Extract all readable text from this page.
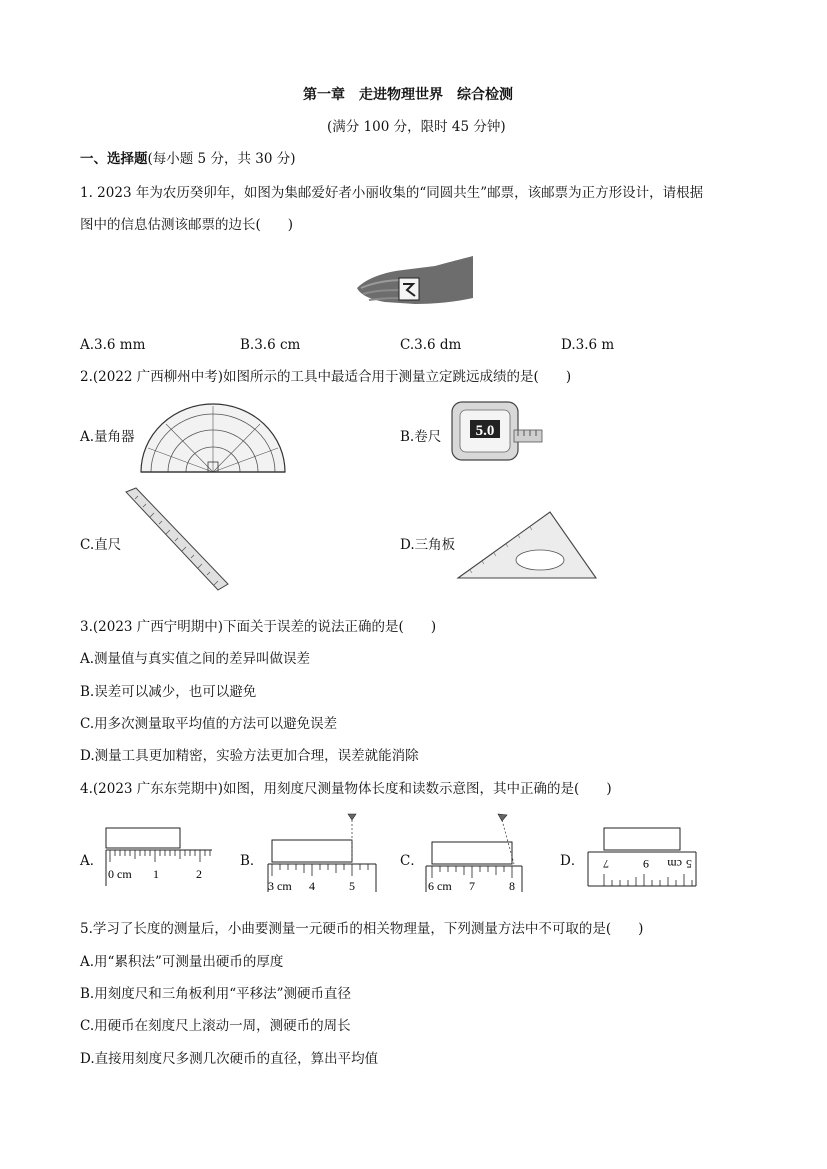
第一章　走进物理世界　综合检测
(满分 100 分，限时 45 分钟)
一、选择题(每小题 5 分，共 30 分)
1. 2023 年为农历癸卯年，如图为集邮爱好者小丽收集的“同圆共生”邮票，该邮票为正方形设计，请根据
图中的信息估测该邮票的边长(　　)
A.3.6 mm	B.3.6 cm	C.3.6 dm	D.3.6 m
2.(2022 广西柳州中考)如图所示的工具中最适合用于测量立定跳远成绩的是(　　)
A.量角器	B.卷尺 5.0
C.直尺	D.三角板
3.(2023 广西宁明期中)下面关于误差的说法正确的是(　　)
A.测量值与真实值之间的差异叫做误差
B.误差可以减少，也可以避免
C.用多次测量取平均值的方法可以避免误差
D.测量工具更加精密，实验方法更加合理，误差就能消除
4.(2023 广东东莞期中)如图，用刻度尺测量物体长度和读数示意图，其中正确的是(　　)
A．
0 cm 1	2
B．
3 cm 4	5
C．
6 cm 7	8
D． 7	9 cm 5
5.学习了长度的测量后，小曲要测量一元硬币的相关物理量，下列测量方法中不可取的是(　　)
A.用“累积法”可测量出硬币的厚度
B.用刻度尺和三角板利用“平移法”测硬币直径
C.用硬币在刻度尺上滚动一周，测硬币的周长
D.直接用刻度尺多测几次硬币的直径，算出平均值
